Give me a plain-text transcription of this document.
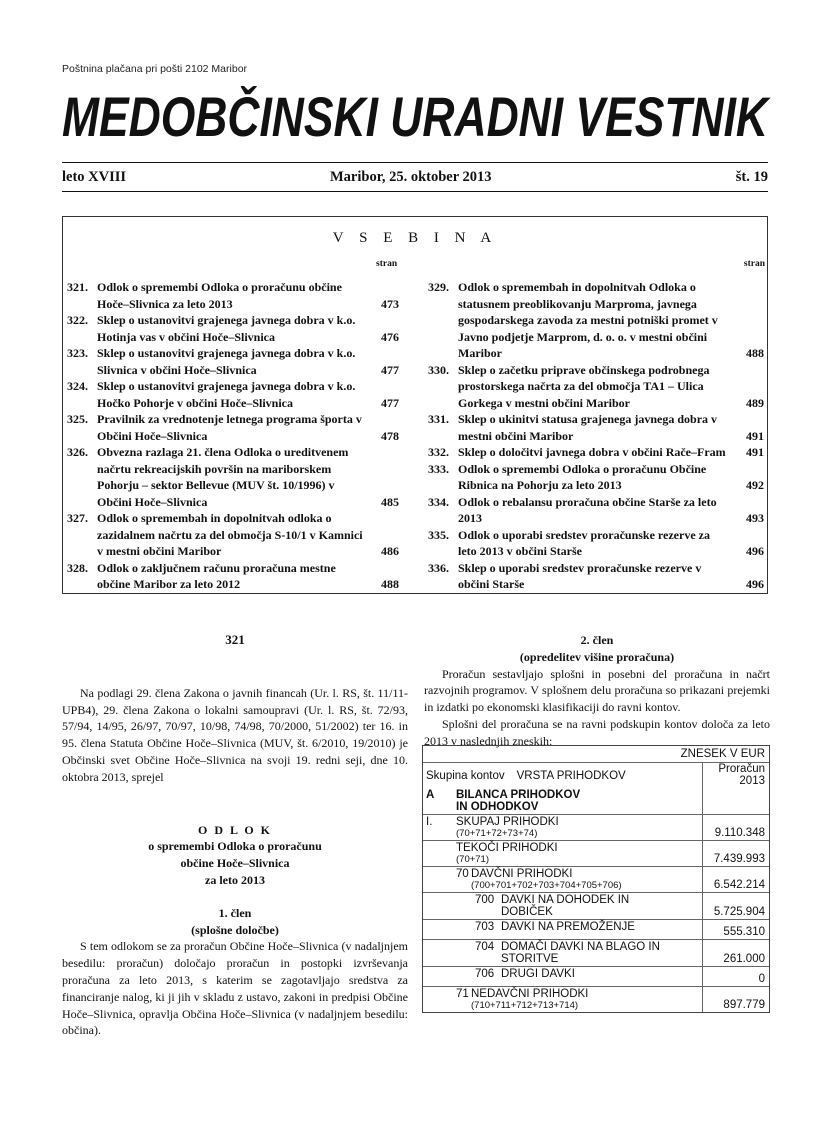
Poštnina plačana pri pošti 2102 Maribor
MEDOBČINSKI URADNI VESTNIK
leto XVIII	Maribor, 25. oktober 2013	št. 19
V S E B I N A
stran	stran
321. Odlok o spremembi Odloka o proračunu občine Hoče–Slivnica za leto 2013	473
322. Sklep o ustanovitvi grajenega javnega dobra v k.o. Hotinja vas v občini Hoče–Slivnica	476
323. Sklep o ustanovitvi grajenega javnega dobra v k.o. Slivnica v občini Hoče–Slivnica	477
324. Sklep o ustanovitvi grajenega javnega dobra v k.o. Hočko Pohorje v občini Hoče–Slivnica	477
325. Pravilnik za vrednotenje letnega programa športa v Občini Hoče–Slivnica	478
326. Obvezna razlaga 21. člena Odloka o ureditvenem načrtu rekreacijskih površin na mariborskem Pohorju – sektor Bellevue (MUV št. 10/1996) v Občini Hoče–Slivnica	485
327. Odlok o spremembah in dopolnitvah odloka o zazidalnem načrtu za del območja S-10/1 v Kamnici v mestni občini Maribor	486
328. Odlok o zaključnem računu proračuna mestne občine Maribor za leto 2012	488
329. Odlok o spremembah in dopolnitvah Odloka o statusnem preoblikovanju Marproma, javnega gospodarskega zavoda za mestni potniški promet v Javno podjetje Marprom, d. o. o. v mestni občini Maribor	488
330. Sklep o začetku priprave občinskega podrobnega prostorskega načrta za del območja TA1 – Ulica Gorkega v mestni občini Maribor	489
331. Sklep o ukinitvi statusa grajenega javnega dobra v mestni občini Maribor	491
332. Sklep o določitvi javnega dobra v občini Rače–Fram	491
333. Odlok o spremembi Odloka o proračunu Občine Ribnica na Pohorju za leto 2013	492
334. Odlok o rebalansu proračuna občine Starše za leto 2013	493
335. Odlok o uporabi sredstev proračunske rezerve za leto 2013 v občini Starše	496
336. Sklep o uporabi sredstev proračunske rezerve v občini Starše	496

321

Na podlagi 29. člena Zakona o javnih financah (Ur. l. RS, št. 11/11-UPB4), 29. člena Zakona o lokalni samoupravi (Ur. l. RS, št. 72/93, 57/94, 14/95, 26/97, 70/97, 10/98, 74/98, 70/2000, 51/2002) ter 16. in 95. člena Statuta Občine Hoče–Slivnica (MUV, št. 6/2010, 19/2010) je Občinski svet Občine Hoče–Slivnica na svoji 19. redni seji, dne 10. oktobra 2013, sprejel

O D L O K

o spremembi Odloka o proračunu

občine Hoče–Slivnica

za leto 2013

1. člen

(splošne določbe)

S tem odlokom se za proračun Občine Hoče–Slivnica (v nadaljnjem besedilu: proračun) določajo proračun in postopki izvrševanja proračuna za leto 2013, s katerim se zagotavljajo sredstva za financiranje nalog, ki ji jih v skladu z ustavo, zakoni in predpisi Občine Hoče–Slivnica, opravlja Občina Hoče–Slivnica (v nadaljnjem besedilu: občina).

2. člen

(opredelitev višine proračuna)

Proračun sestavljajo splošni in posebni del proračuna in načrt razvojnih programov. V splošnem delu proračuna so prikazani prejemki in izdatki po ekonomski klasifikaciji do ravni kontov.

Splošni del proračuna se na ravni podskupin kontov določa za leto 2013 v naslednjih zneskih:

ZNESEK V EUR
Skupina kontov VRSTA PRIHODKOV
Proračun
2013
A BILANCA PRIHODKOV
IN ODHODKOV
I. SKUPAJ PRIHODKI
(70+71+72+73+74)	9.110.348
TEKOČI PRIHODKI
(70+71)	7.439.993
70 DAVČNI PRIHODKI
(700+701+702+703+704+705+706)	6.542.214
700 DAVKI NA DOHODEK IN
DOBIČEK	5.725.904
703 DAVKI NA PREMOŽENJE	555.310
704 DOMAČI DAVKI NA BLAGO IN
STORITVE	261.000
706 DRUGI DAVKI	0
71 NEDAVČNI PRIHODKI
(710+711+712+713+714)	897.779
